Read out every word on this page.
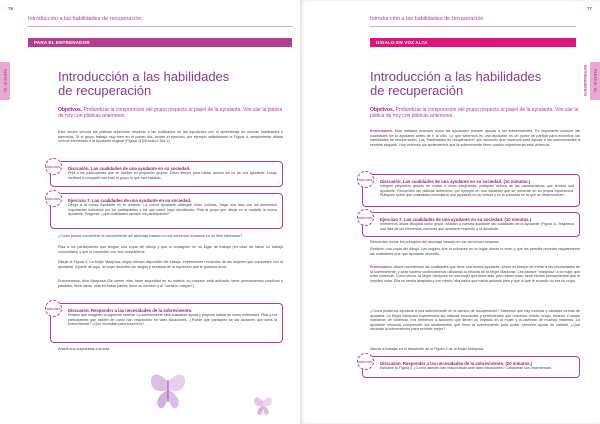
76
Introducción a las habilidades de recuperación
PARA EL ENTRENADOR
PARTE III · EL
Introducción a las habilidades
de recuperación
Objetivos. Profundizar la comprensión del grupo respecto al papel de la ayudante. Vincular la plática de hoy con pláticas anteriores.
Este sesión vincula las pláticas anteriores respecto a las cualidades de las ayudantes con el aprendizaje de nuevas habilidades y ejercicios. Si el grupo trabajó muy bien en el primer día, acorte el ejercicio, por ejemplo salteándose la Figura 4, simplemente añada nuevos elementos a la Ayudante original (Figura 1) (Modulo 4 Día 1).
DIÁLOGO	Discusión. Las cualidades de una ayudante en su sociedad.
Pida a los participantes que se dividan en pequeños grupos. Déles tiempo para hablar acerca del rol de una ayudante. Luego invítelos a compartir con todo el grupo lo que han hablado.
DIÁLOGO	Ejercicio 7. Las cualidades de una ayudante en su sociedad.
Dibuje a la nueva Ayudante en el rotafolio. La nueva Ayudante distingue entre culturas. Haga una lista con los elementos importantes indicados por los participantes y los que usted haya identificado. Pida al grupo que dibuje en el rotafolio la nueva ayudante. Pregunte: ¿qué cualidades aportan los participantes?
¿Cómo puede convertirse el conocimiento del abordaje basado en los derechos humanos en un libre fabricante?
Pida a los participantes que tengan una copia del dibujo y que lo consignen en su lugar de trabajo (en caso de hacer un trabajo comunitario) y que lo comenten con sus compañeros.
Dibuje la Figura 4, La Mujer Mariposa, según tiempo disponible del trabajo, experimente recuerdos de las mujeres que comparten con la ayudante. A partir de aquí, la mujer describe los rasgos y sentidos de la expresión que le gustaría tener.
Encontramos, dice Mariposa (Se siente más, tiene seguridad en su interior, su corazón está activado; tiene pensamientos positivos y pasados, tiene ideas, está en todas partes, tiene su corazón y el "corazón mágico").
DIÁLOGO	Discusión. Responder a las necesidades de la sobreviviente.
Pídales que imaginen la siguiente escena: La sobreviviente está buscando ayuda y propone hablar de cómo enfrentarla. Pida a los participantes que hablen de cómo han respondido en tales situaciones. ¿Puede que participen de las acciones que toma la sobreviviente? ¿Qué necesitan para sobrevivir?
Añada sus respuestas a la lista.
77
Introducción a las habilidades de recuperación
DÍGALO EN VOZ ALTA
PARTE III · EL ENTRENAMIENTO
Introducción a las habilidades
de recuperación
Objetivos. Profundizar la comprensión del grupo respecto al papel de la ayudante. Vincular la plática de hoy con pláticas anteriores.
Entrenadora. Esta mañana veremos cómo las ayudantes pueden ayudar a las sobrevivientes. Es importante conocer las cualidades de la ayudante antes de ir al sitio. Lo que sabemos es una ayudante es un punto de partida para encontrar las habilidades de recuperación. Las "habilidades de recuperación" son acciones que hacemos para ayudar a las sobrevivientes a sentirse seguras. Hoy veremos los sentimientos que la sobreviviente tiene cuando experimenta esta violencia.
DIÁLOGO	Discusión. Las cualidades de una ayudante en su sociedad. (10 minutos.)
Integren pequeños grupos de cuatro o cinco integrantes, platiquen acerca de las características que tendría una ayudante. Recuerden las pláticas anteriores, por ejemplo en una situación que se presente en su propia experiencia. Platiquen sobre qué cualidades necesitaría una ayudante en su cultura y en la sociedad en la que se desenvuelven.
DIÁLOGO	Ejercicio 7. Las cualidades de una ayudante en su sociedad. (10 minutos.)
Intentemos ahora dibujarla como grupo. Añadan a nuestra ayudante las cualidades de la Ayudante (Figura 1). Hagamos una lista de los elementos comunes que aportaron respecto a la ayudante.
Recuerden incluir los principios del abordaje basado en los derechos humanos.
Realicen una copia del dibujo. Les sugiero que lo coloquen en un lugar donde lo vean y que les permita recordar regularmente las cualidades que una ayudante necesita.
Entrenadora. Ahora recordemos las cualidades que tiene una buena ayudante. Ahora es tiempo de entrar a las necesidades de la sobreviviente, y para hacerlo continuaremos utilizando la historia de la Mujer Mariposa. Les llamaré "mariposa" a la mujer que sufre violencia. Como vimos, la Mujer Mariposa es una mujer que tiene alas, pero están rotas; tiene ciertos pensamientos que le impiden volar. Ella se sentía atrapada y con miedo; ella sabía que había actuado bien y que lo que le sucedió no era su culpa.
¿Cómo podemos ayudarla a una sobreviviente en el camino de recuperación? Sabemos que hay muchas y variadas formas de ayudarla. La Mujer Mariposa experimenta las mismas emociones y sentimientos que nosotras: miedo, enojo, tristeza. Cuando hablamos de violencia, nos referimos a acciones que tienen un impacto en la mujer y la lastiman de muchas maneras. La ayudante necesita comprender los sentimientos que tiene la sobreviviente para poder ofrecerle ayuda de calidad. ¿Qué necesita la sobreviviente para sentirse mejor?
Vamos a trabajar en el desarrollo de la Figura 4 de la Mujer Mariposa.
DIÁLOGO	Discusión. Responder a las necesidades de la sobreviviente. (20 minutos.)
Estudien la Figura 4. ¿Cómo ustedes han reaccionado ante tales situaciones? Compartan sus experiencias.
